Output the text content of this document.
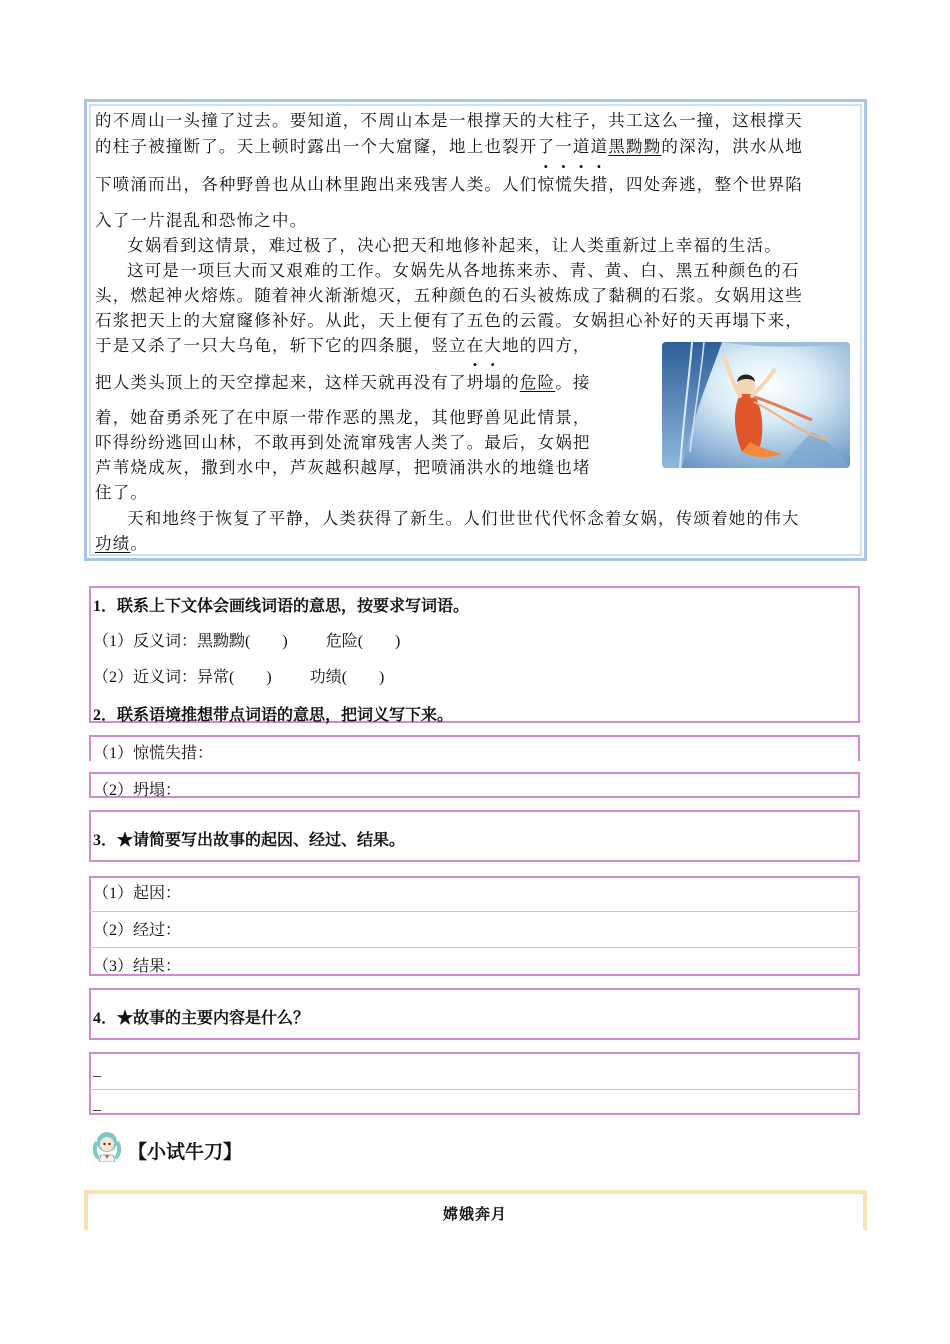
的不周山一头撞了过去。要知道，不周山本是一根撑天的大柱子，共工这么一撞，这根撑天
的柱子被撞断了。天上顿时露出一个大窟窿，地上也裂开了一道道黑黝黝的深沟，洪水从地
下喷涌而出，各种野兽也从山林里跑出来残害人类。人们惊慌失措，四处奔逃，整个世界陷
入了一片混乱和恐怖之中。
女娲看到这情景，难过极了，决心把天和地修补起来，让人类重新过上幸福的生活。
这可是一项巨大而又艰难的工作。女娲先从各地拣来赤、青、黄、白、黑五种颜色的石
头，燃起神火熔炼。随着神火渐渐熄灭，五种颜色的石头被炼成了黏稠的石浆。女娲用这些
石浆把天上的大窟窿修补好。从此，天上便有了五色的云霞。女娲担心补好的天再塌下来，
于是又杀了一只大乌龟，斩下它的四条腿，竖立在大地的四方，
把人类头顶上的天空撑起来，这样天就再没有了坍塌的危险。接
着，她奋勇杀死了在中原一带作恶的黑龙，其他野兽见此情景，
吓得纷纷逃回山林，不敢再到处流窜残害人类了。最后，女娲把
芦苇烧成灰，撒到水中，芦灰越积越厚，把喷涌洪水的地缝也堵
住了。
天和地终于恢复了平静，人类获得了新生。人们世世代代怀念着女娲，传颂着她的伟大
功绩。
1．联系上下文体会画线词语的意思，按要求写词语。
（1）反义词：黑黝黝(　　) 危险(　　)
（2）近义词：异常(　　) 功绩(　　)
2．联系语境推想带点词语的意思，把词义写下来。
（1）惊慌失措：
（2）坍塌：
3．★请简要写出故事的起因、经过、结果。
（1）起因：
（2）经过：
（3）结果：
4．★故事的主要内容是什么？
_
_
【小试牛刀】
嫦娥奔月
